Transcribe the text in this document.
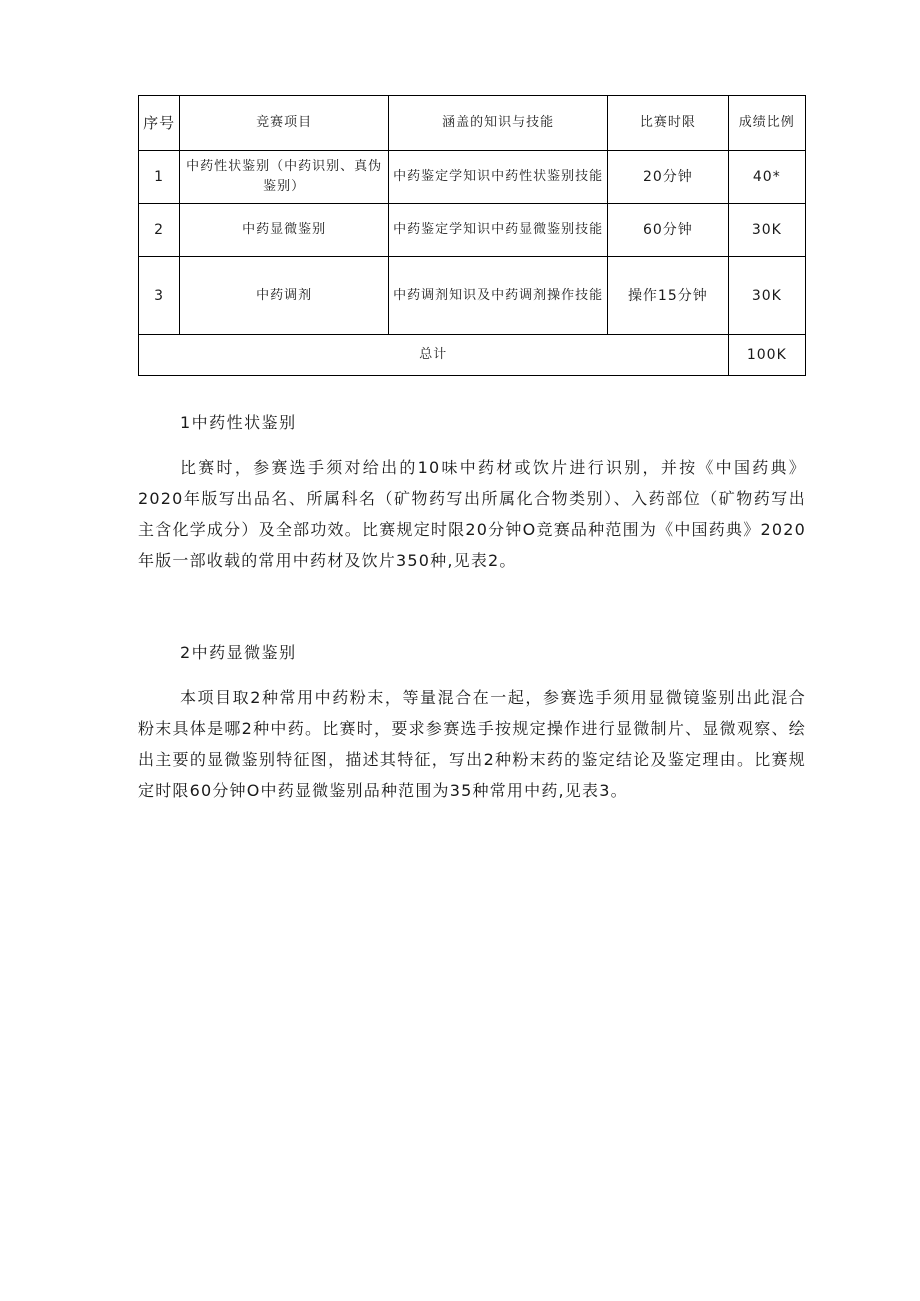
序号	竞赛项目	涵盖的知识与技能	比赛时限	成绩比例
1	中药性状鉴别（中药识别、真伪鉴别）	中药鉴定学知识中药性状鉴别技能	20分钟	40*
2	中药显微鉴别	中药鉴定学知识中药显微鉴别技能	60分钟	30K
3	中药调剂	中药调剂知识及中药调剂操作技能	操作15分钟	30K
总计				100K
1中药性状鉴别

比赛时，参赛选手须对给出的10味中药材或饮片进行识别，并按《中国药典》2020年版写出品名、所属科名（矿物药写出所属化合物类别）、入药部位（矿物药写出主含化学成分）及全部功效。比赛规定时限20分钟O竞赛品种范围为《中国药典》2020年版一部收载的常用中药材及饮片350种,见表2。

2中药显微鉴别

本项目取2种常用中药粉末，等量混合在一起，参赛选手须用显微镜鉴别出此混合粉末具体是哪2种中药。比赛时，要求参赛选手按规定操作进行显微制片、显微观察、绘出主要的显微鉴别特征图，描述其特征，写出2种粉末药的鉴定结论及鉴定理由。比赛规定时限60分钟O中药显微鉴别品种范围为35种常用中药,见表3。
